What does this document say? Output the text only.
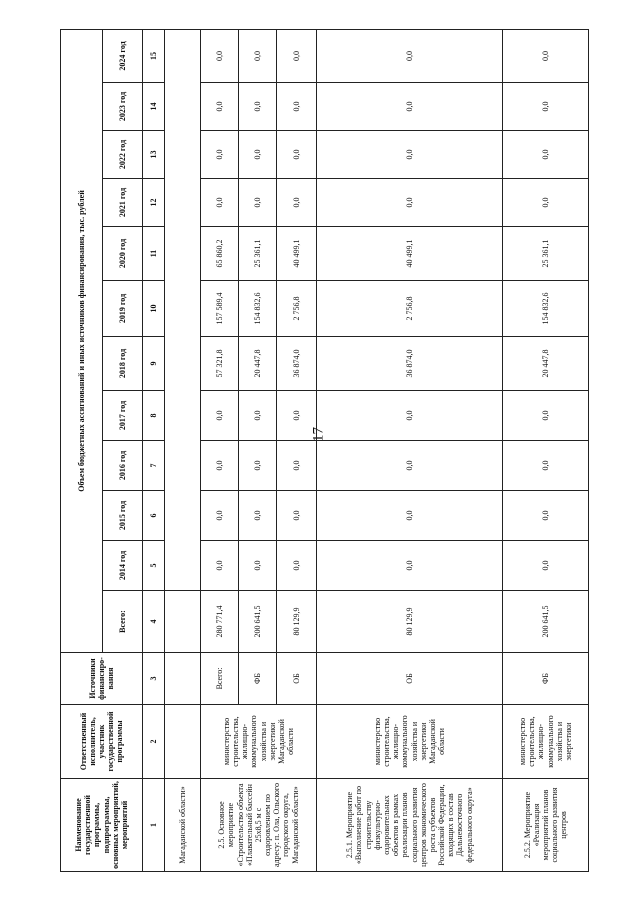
17
Наименование государственной программы, подпрограммы, основных мероприятий, мероприятий	Ответственный исполнитель, участник государственной программы	Источники финансиро-вания	Объем бюджетных ассигнований и иных источников финансирования, тыс. рублей											
			Всего:	2014 год	2015 год	2016 год	2017 год	2018 год	2019 год	2020 год	2021 год	2022 год	2023 год	2024 год
1	2	3	4	5	6	7	8	9	10	11	12	13	14	15
Магаданской области»														
2.5. Основное мероприятие «Строительство объекта «Плавательный бассейн 25х8,5 м с оздоровлением по адресу: п. Ола, Ольского городского округа, Магаданской области»	министерство строительства, жилищно-коммунального хозяйства и энергетики Магаданской области	Всего:	280 771,4	0,0	0,0	0,0	0,0	57 321,8	157 589,4	65 860,2	0,0	0,0	0,0	0,0
		ФБ	200 641,5	0,0	0,0	0,0	0,0	20 447,8	154 832,6	25 361,1	0,0	0,0	0,0	0,0
		ОБ	80 129,9	0,0	0,0	0,0	0,0	36 874,0	2 756,8	40 499,1	0,0	0,0	0,0	0,0
2.5.1. Мероприятие «Выполнение работ по строительству физкультурно-оздоровительных объектов в рамках реализации планов социального развития центров экономического роста субъектов Российской Федерации, входящих в состав Дальневосточного федерального округа»	министерство строительства, жилищно-коммунального хозяйства и энергетики Магаданской области	ОБ	80 129,9	0,0	0,0	0,0	0,0	36 874,0	2 756,8	40 499,1	0,0	0,0	0,0	0,0
2.5.2. Мероприятие «Реализация мероприятий планов социального развития центров	министерство строительства, жилищно-коммунального хозяйства и энергетики	ФБ	200 641,5	0,0	0,0	0,0	0,0	20 447,8	154 832,6	25 361,1	0,0	0,0	0,0	0,0
